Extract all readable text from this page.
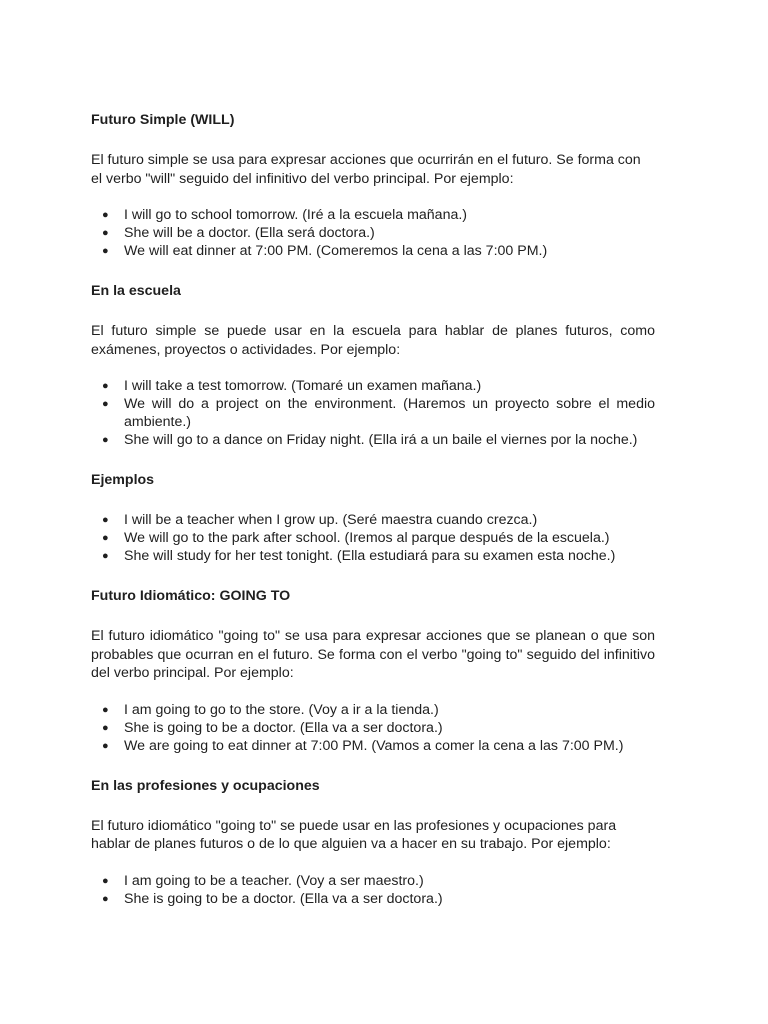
Futuro Simple (WILL)

El futuro simple se usa para expresar acciones que ocurrirán en el futuro. Se forma con el verbo "will" seguido del infinitivo del verbo principal. Por ejemplo:

● I will go to school tomorrow. (Iré a la escuela mañana.)
● She will be a doctor. (Ella será doctora.)
● We will eat dinner at 7:00 PM. (Comeremos la cena a las 7:00 PM.)
En la escuela

El futuro simple se puede usar en la escuela para hablar de planes futuros, como exámenes, proyectos o actividades. Por ejemplo:

● I will take a test tomorrow. (Tomaré un examen mañana.)
● We will do a project on the environment. (Haremos un proyecto sobre el medio ambiente.)
● She will go to a dance on Friday night. (Ella irá a un baile el viernes por la noche.)
Ejemplos
● I will be a teacher when I grow up. (Seré maestra cuando crezca.)
● We will go to the park after school. (Iremos al parque después de la escuela.)
● She will study for her test tonight. (Ella estudiará para su examen esta noche.)
Futuro Idiomático: GOING TO

El futuro idiomático "going to" se usa para expresar acciones que se planean o que son probables que ocurran en el futuro. Se forma con el verbo "going to" seguido del infinitivo del verbo principal. Por ejemplo:

● I am going to go to the store. (Voy a ir a la tienda.)
● She is going to be a doctor. (Ella va a ser doctora.)
● We are going to eat dinner at 7:00 PM. (Vamos a comer la cena a las 7:00 PM.)
En las profesiones y ocupaciones

El futuro idiomático "going to" se puede usar en las profesiones y ocupaciones para hablar de planes futuros o de lo que alguien va a hacer en su trabajo. Por ejemplo:

● I am going to be a teacher. (Voy a ser maestro.)
● She is going to be a doctor. (Ella va a ser doctora.)
